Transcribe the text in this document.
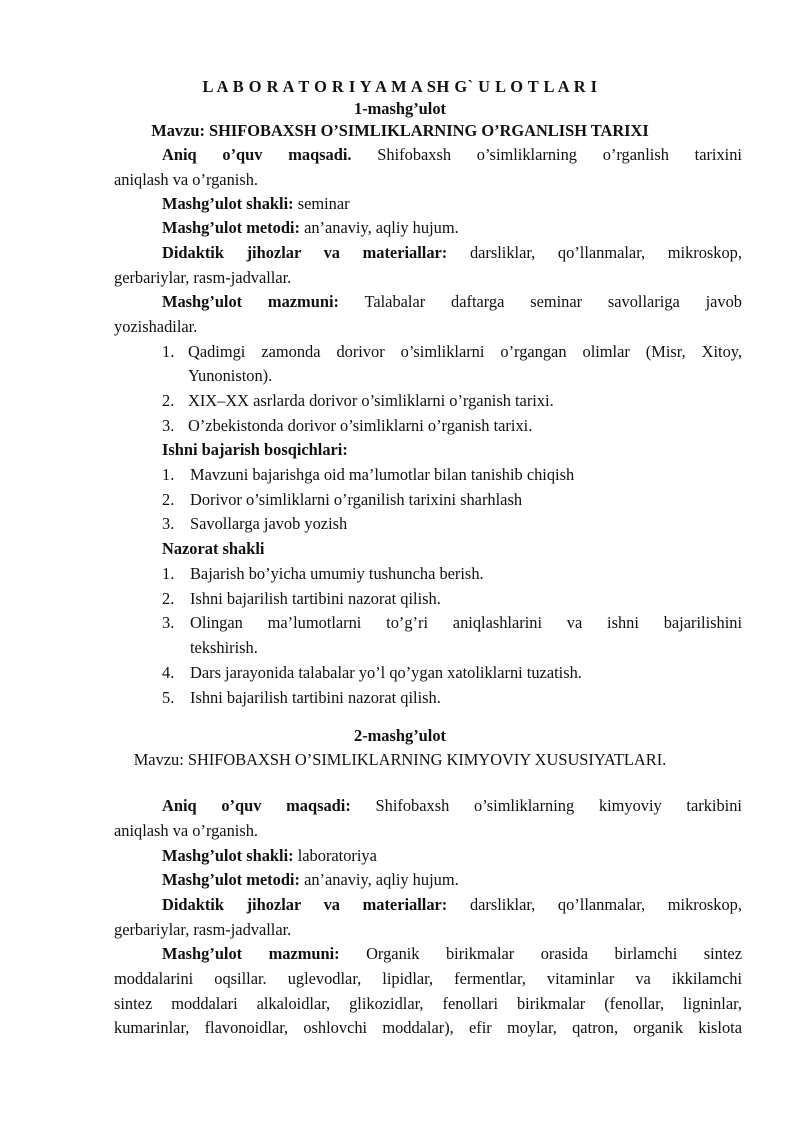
L A B O R A T O R I Y A M A SH G` U L O T L A R I
1-mashg’ulot
Mavzu: SHIFOBAXSH O’SIMLIKLARNING O’RGANLISH TARIXI
Aniq o’quv maqsadi. Shifobaxsh o’simliklarning o’rganlish tarixini
aniqlash va o’rganish.
Mashg’ulot shakli: seminar
Mashg’ulot metodi: an’anaviy, aqliy hujum.
Didaktik jihozlar va materiallar: darsliklar, qo’llanmalar, mikroskop,
gerbariylar, rasm-jadvallar.
Mashg’ulot mazmuni: Talabalar daftarga seminar savollariga javob
yozishadilar.
1. Qadimgi zamonda dorivor o’simliklarni o’rgangan olimlar (Misr, Xitoy,
Yunoniston).
2. XIX–XX asrlarda dorivor o’simliklarni o’rganish tarixi.
3. O’zbekistonda dorivor o’simliklarni o’rganish tarixi.
Ishni bajarish bosqichlari:
1. Mavzuni bajarishga oid ma’lumotlar bilan tanishib chiqish
2. Dorivor o’simliklarni o’rganilish tarixini sharhlash
3. Savollarga javob yozish
Nazorat shakli
1. Bajarish bo’yicha umumiy tushuncha berish.
2. Ishni bajarilish tartibini nazorat qilish.
3. Olingan ma’lumotlarni to’g’ri aniqlashlarini va ishni bajarilishini
tekshirish.
4. Dars jarayonida talabalar yo’l qo’ygan xatoliklarni tuzatish.
5. Ishni bajarilish tartibini nazorat qilish.
2-mashg’ulot
Mavzu: SHIFOBAXSH O’SIMLIKLARNING KIMYOVIY XUSUSIYATLARI.
Aniq o’quv maqsadi: Shifobaxsh o’simliklarning kimyoviy tarkibini
aniqlash va o’rganish.
Mashg’ulot shakli: laboratoriya
Mashg’ulot metodi: an’anaviy, aqliy hujum.
Didaktik jihozlar va materiallar: darsliklar, qo’llanmalar, mikroskop,
gerbariylar, rasm-jadvallar.
Mashg’ulot mazmuni: Organik birikmalar orasida birlamchi sintez
moddalarini oqsillar. uglevodlar, lipidlar, fermentlar, vitaminlar va ikkilamchi
sintez moddalari alkaloidlar, glikozidlar, fenollari birikmalar (fenollar, ligninlar,
kumarinlar, flavonoidlar, oshlovchi moddalar), efir moylar, qatron, organik kislota
